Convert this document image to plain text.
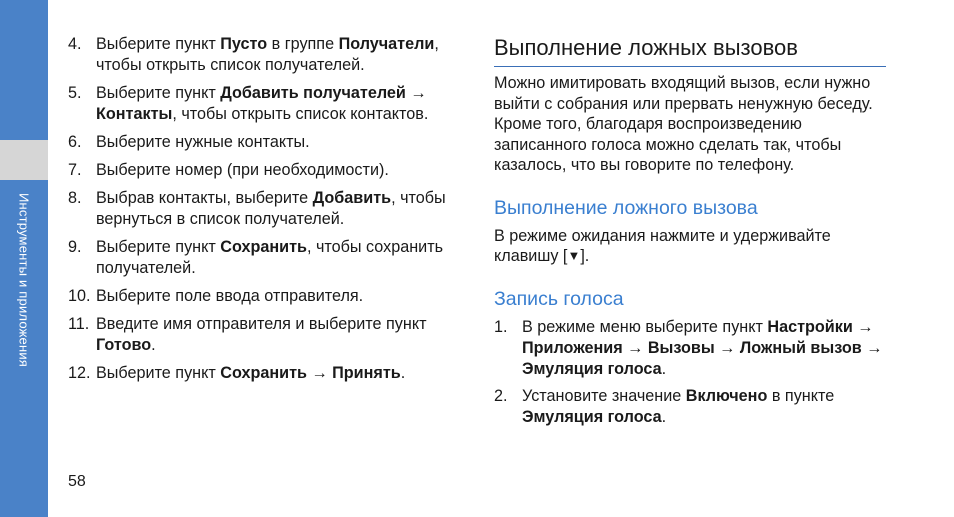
Инструменты и приложения
4. Выберите пункт Пусто в группе Получатели, чтобы открыть список получателей.
5. Выберите пункт Добавить получателей → Контакты, чтобы открыть список контактов.
6. Выберите нужные контакты.
7. Выберите номер (при необходимости).
8. Выбрав контакты, выберите Добавить, чтобы вернуться в список получателей.
9. Выберите пункт Сохранить, чтобы сохранить получателей.
10. Выберите поле ввода отправителя.
11. Введите имя отправителя и выберите пункт Готово.
12. Выберите пункт Сохранить → Принять.
Выполнение ложных вызовов

Можно имитировать входящий вызов, если нужно выйти с собрания или прервать ненужную беседу. Кроме того, благодаря воспроизведению записанного голоса можно сделать так, чтобы казалось, что вы говорите по телефону.

Выполнение ложного вызова

В режиме ожидания нажмите и удерживайте клавишу [▼].

Запись голоса
1. В режиме меню выберите пункт Настройки → Приложения → Вызовы → Ложный вызов → Эмуляция голоса.
2. Установите значение Включено в пункте Эмуляция голоса.
58
